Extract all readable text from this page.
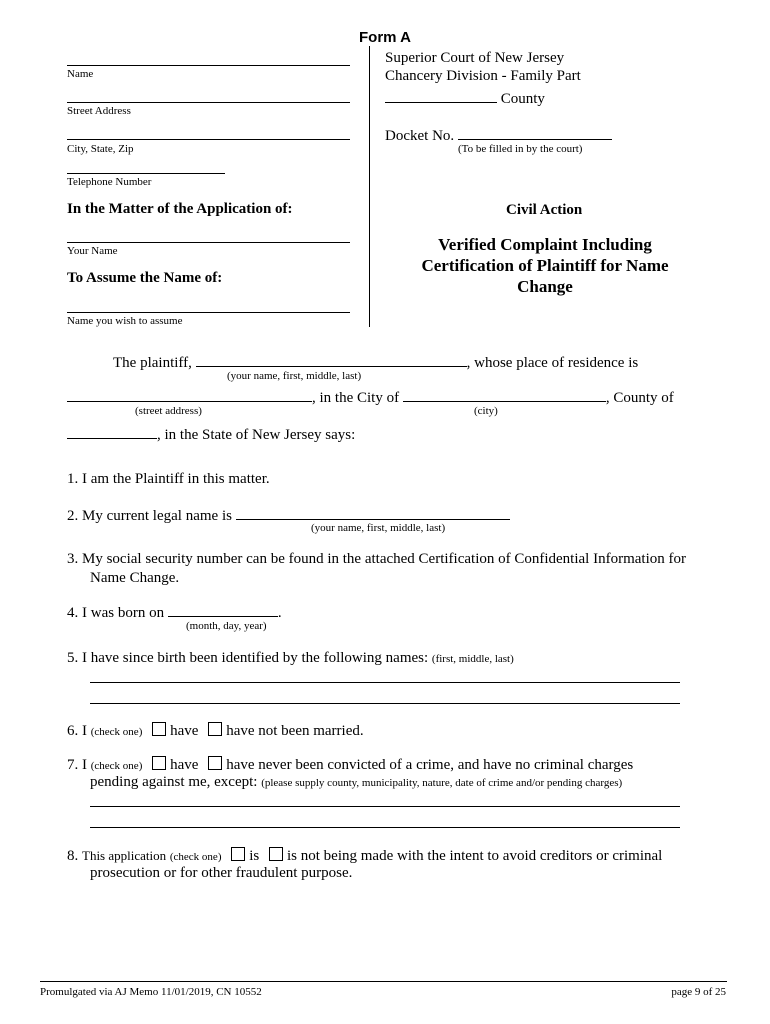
Form A
Name
Street Address
City, State, Zip
Telephone Number
In the Matter of the Application of:
Your Name
To Assume the Name of:
Name you wish to assume
Superior Court of New Jersey
Chancery Division - Family Part
County
Docket No.
(To be filled in by the court)
Civil Action
Verified Complaint Including
Certification of Plaintiff for Name
Change
The plaintiff,	, whose place of residence is
(your name, first, middle, last)
, in the City of	, County of
(street address)	(city)
, in the State of New Jersey says:
1. I am the Plaintiff in this matter.
2. My current legal name is
(your name, first, middle, last)
3. My social security number can be found in the attached Certification of Confidential Information for
Name Change.
4. I was born on	.
(month, day, year)
5. I have since birth been identified by the following names: (first, middle, last)
6. I (check one) have have not been married.
7. I (check one) have have never been convicted of a crime, and have no criminal charges
pending against me, except: (please supply county, municipality, nature, date of crime and/or pending charges)
8. This application (check one) is is not being made with the intent to avoid creditors or criminal
prosecution or for other fraudulent purpose.
Promulgated via AJ Memo 11/01/2019, CN 10552	page 9 of 25
